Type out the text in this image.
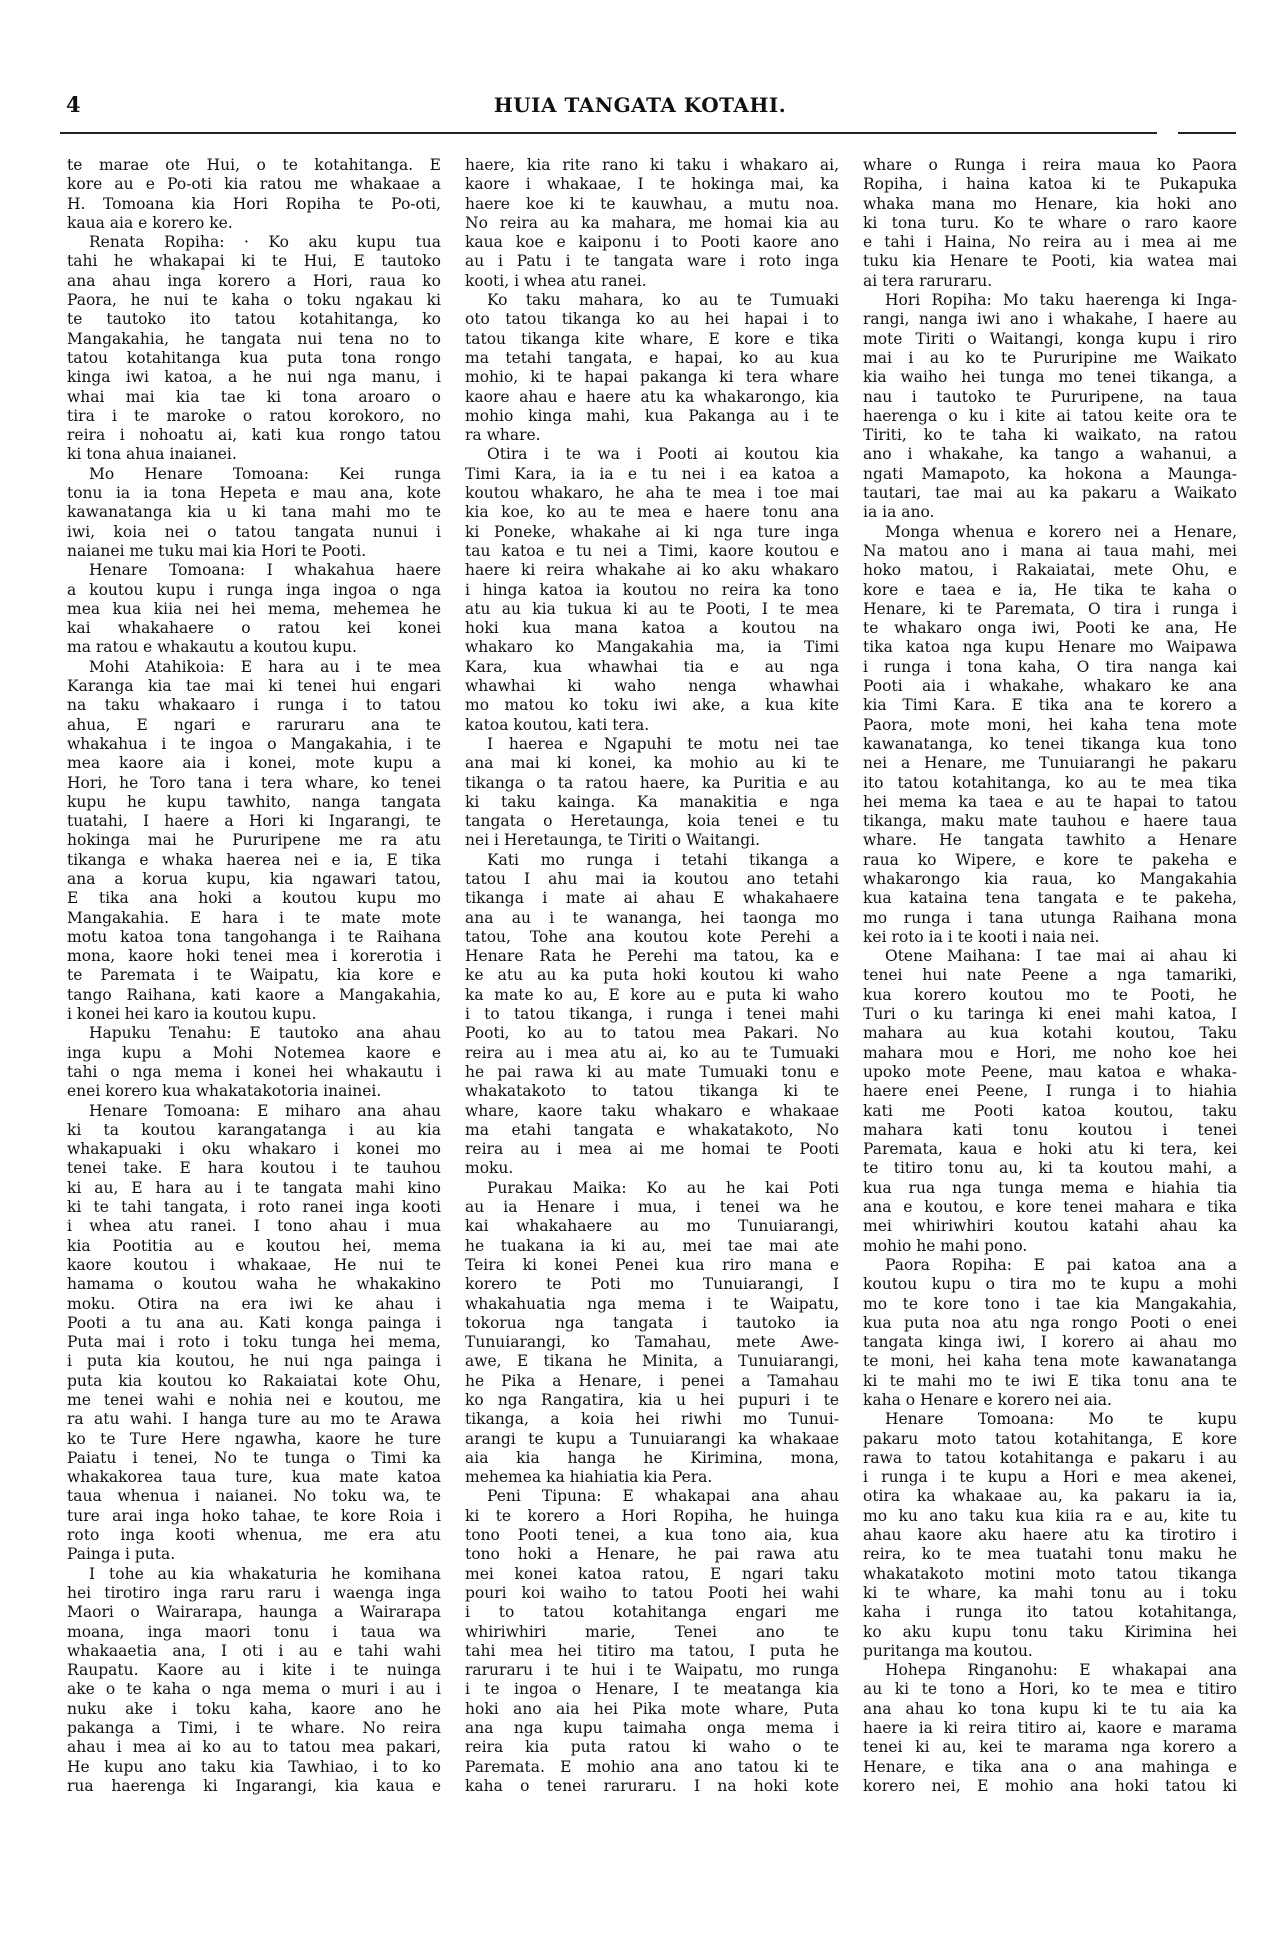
4	HUIA TANGATA KOTAHI.
te marae ote Hui, o te kotahitanga. E
kore au e Po-oti kia ratou me whakaae a
H. Tomoana kia Hori Ropiha te Po-oti,
kaua aia e korero ke.
Renata Ropiha: · Ko aku kupu tua
tahi he whakapai ki te Hui, E tautoko
ana ahau inga korero a Hori, raua ko
Paora, he nui te kaha o toku ngakau ki
te tautoko ito tatou kotahitanga, ko
Mangakahia, he tangata nui tena no to
tatou kotahitanga kua puta tona rongo
kinga iwi katoa, a he nui nga manu, i
whai mai kia tae ki tona aroaro o
tira i te maroke o ratou korokoro, no
reira i nohoatu ai, kati kua rongo tatou
ki tona ahua inaianei.
Mo Henare Tomoana: Kei runga
tonu ia ia tona Hepeta e mau ana, kote
kawanatanga kia u ki tana mahi mo te
iwi, koia nei o tatou tangata nunui i
naianei me tuku mai kia Hori te Pooti.
Henare Tomoana: I whakahua haere
a koutou kupu i runga inga ingoa o nga
mea kua kiia nei hei mema, mehemea he
kai whakahaere o ratou kei konei
ma ratou e whakautu a koutou kupu.
Mohi Atahikoia: E hara au i te mea
Karanga kia tae mai ki tenei hui engari
na taku whakaaro i runga i to tatou
ahua, E ngari e raruraru ana te
whakahua i te ingoa o Mangakahia, i te
mea kaore aia i konei, mote kupu a
Hori, he Toro tana i tera whare, ko tenei
kupu he kupu tawhito, nanga tangata
tuatahi, I haere a Hori ki Ingarangi, te
hokinga mai he Pururipene me ra atu
tikanga e whaka haerea nei e ia, E tika
ana a korua kupu, kia ngawari tatou,
E tika ana hoki a koutou kupu mo
Mangakahia. E hara i te mate mote
motu katoa tona tangohanga i te Raihana
mona, kaore hoki tenei mea i korerotia i
te Paremata i te Waipatu, kia kore e
tango Raihana, kati kaore a Mangakahia,
i konei hei karo ia koutou kupu.
Hapuku Tenahu: E tautoko ana ahau
inga kupu a Mohi Notemea kaore e
tahi o nga mema i konei hei whakautu i
enei korero kua whakatakotoria inainei.
Henare Tomoana: E miharo ana ahau
ki ta koutou karangatanga i au kia
whakapuaki i oku whakaro i konei mo
tenei take. E hara koutou i te tauhou
ki au, E hara au i te tangata mahi kino
ki te tahi tangata, i roto ranei inga kooti
i whea atu ranei. I tono ahau i mua
kia Pootitia au e koutou hei, mema
kaore koutou i whakaae, He nui te
hamama o koutou waha he whakakino
moku. Otira na era iwi ke ahau i
Pooti a tu ana au. Kati konga painga i
Puta mai i roto i toku tunga hei mema,
i puta kia koutou, he nui nga painga i
puta kia koutou ko Rakaiatai kote Ohu,
me tenei wahi e nohia nei e koutou, me
ra atu wahi. I hanga ture au mo te Arawa
ko te Ture Here ngawha, kaore he ture
Paiatu i tenei, No te tunga o Timi ka
whakakorea taua ture, kua mate katoa
taua whenua i naianei. No toku wa, te
ture arai inga hoko tahae, te kore Roia i
roto inga kooti whenua, me era atu
Painga i puta.
I tohe au kia whakaturia he komihana
hei tirotiro inga raru raru i waenga inga
Maori o Wairarapa, haunga a Wairarapa
moana, inga maori tonu i taua wa
whakaaetia ana, I oti i au e tahi wahi
Raupatu. Kaore au i kite i te nuinga
ake o te kaha o nga mema o muri i au i
nuku ake i toku kaha, kaore ano he
pakanga a Timi, i te whare. No reira
ahau i mea ai ko au to tatou mea pakari,
He kupu ano taku kia Tawhiao, i to ko
rua haerenga ki Ingarangi, kia kaua e
haere, kia rite rano ki taku i whakaro ai,
kaore i whakaae, I te hokinga mai, ka
haere koe ki te kauwhau, a mutu noa.
No reira au ka mahara, me homai kia au
kaua koe e kaiponu i to Pooti kaore ano
au i Patu i te tangata ware i roto inga
kooti, i whea atu ranei.
Ko taku mahara, ko au te Tumuaki
oto tatou tikanga ko au hei hapai i to
tatou tikanga kite whare, E kore e tika
ma tetahi tangata, e hapai, ko au kua
mohio, ki te hapai pakanga ki tera whare
kaore ahau e haere atu ka whakarongo, kia
mohio kinga mahi, kua Pakanga au i te
ra whare.
Otira i te wa i Pooti ai koutou kia
Timi Kara, ia ia e tu nei i ea katoa a
koutou whakaro, he aha te mea i toe mai
kia koe, ko au te mea e haere tonu ana
ki Poneke, whakahe ai ki nga ture inga
tau katoa e tu nei a Timi, kaore koutou e
haere ki reira whakahe ai ko aku whakaro
i hinga katoa ia koutou no reira ka tono
atu au kia tukua ki au te Pooti, I te mea
hoki kua mana katoa a koutou na
whakaro ko Mangakahia ma, ia Timi
Kara, kua whawhai tia e au nga
whawhai ki waho nenga whawhai
mo matou ko toku iwi ake, a kua kite
katoa koutou, kati tera.
I haerea e Ngapuhi te motu nei tae
ana mai ki konei, ka mohio au ki te
tikanga o ta ratou haere, ka Puritia e au
ki taku kainga. Ka manakitia e nga
tangata o Heretaunga, koia tenei e tu
nei i Heretaunga, te Tiriti o Waitangi.
Kati mo runga i tetahi tikanga a
tatou I ahu mai ia koutou ano tetahi
tikanga i mate ai ahau E whakahaere
ana au i te wananga, hei taonga mo
tatou, Tohe ana koutou kote Perehi a
Henare Rata he Perehi ma tatou, ka e
ke atu au ka puta hoki koutou ki waho
ka mate ko au, E kore au e puta ki waho
i to tatou tikanga, i runga i tenei mahi
Pooti, ko au to tatou mea Pakari. No
reira au i mea atu ai, ko au te Tumuaki
he pai rawa ki au mate Tumuaki tonu e
whakatakoto to tatou tikanga ki te
whare, kaore taku whakaro e whakaae
ma etahi tangata e whakatakoto, No
reira au i mea ai me homai te Pooti
moku.
Purakau Maika: Ko au he kai Poti
au ia Henare i mua, i tenei wa he
kai whakahaere au mo Tunuiarangi,
he tuakana ia ki au, mei tae mai ate
Teira ki konei Penei kua riro mana e
korero te Poti mo Tunuiarangi, I
whakahuatia nga mema i te Waipatu,
tokorua nga tangata i tautoko ia
Tunuiarangi, ko Tamahau, mete Awe-
awe, E tikana he Minita, a Tunuiarangi,
he Pika a Henare, i penei a Tamahau
ko nga Rangatira, kia u hei pupuri i te
tikanga, a koia hei riwhi mo Tunui-
arangi te kupu a Tunuiarangi ka whakaae
aia kia hanga he Kirimina, mona,
mehemea ka hiahiatia kia Pera.
Peni Tipuna: E whakapai ana ahau
ki te korero a Hori Ropiha, he huinga
tono Pooti tenei, a kua tono aia, kua
tono hoki a Henare, he pai rawa atu
mei konei katoa ratou, E ngari taku
pouri koi waiho to tatou Pooti hei wahi
i to tatou kotahitanga engari me
whiriwhiri marie, Tenei ano te
tahi mea hei titiro ma tatou, I puta he
raruraru i te hui i te Waipatu, mo runga
i te ingoa o Henare, I te meatanga kia
hoki ano aia hei Pika mote whare, Puta
ana nga kupu taimaha onga mema i
reira kia puta ratou ki waho o te
Paremata. E mohio ana ano tatou ki te
kaha o tenei raruraru. I na hoki kote
whare o Runga i reira maua ko Paora
Ropiha, i haina katoa ki te Pukapuka
whaka mana mo Henare, kia hoki ano
ki tona turu. Ko te whare o raro kaore
e tahi i Haina, No reira au i mea ai me
tuku kia Henare te Pooti, kia watea mai
ai tera raruraru.
Hori Ropiha: Mo taku haerenga ki Inga-
rangi, nanga iwi ano i whakahe, I haere au
mote Tiriti o Waitangi, konga kupu i riro
mai i au ko te Pururipine me Waikato
kia waiho hei tunga mo tenei tikanga, a
nau i tautoko te Pururipene, na taua
haerenga o ku i kite ai tatou keite ora te
Tiriti, ko te taha ki waikato, na ratou
ano i whakahe, ka tango a wahanui, a
ngati Mamapoto, ka hokona a Maunga-
tautari, tae mai au ka pakaru a Waikato
ia ia ano.
Monga whenua e korero nei a Henare,
Na matou ano i mana ai taua mahi, mei
hoko matou, i Rakaiatai, mete Ohu, e
kore e taea e ia, He tika te kaha o
Henare, ki te Paremata, O tira i runga i
te whakaro onga iwi, Pooti ke ana, He
tika katoa nga kupu Henare mo Waipawa
i runga i tona kaha, O tira nanga kai
Pooti aia i whakahe, whakaro ke ana
kia Timi Kara. E tika ana te korero a
Paora, mote moni, hei kaha tena mote
kawanatanga, ko tenei tikanga kua tono
nei a Henare, me Tunuiarangi he pakaru
ito tatou kotahitanga, ko au te mea tika
hei mema ka taea e au te hapai to tatou
tikanga, maku mate tauhou e haere taua
whare. He tangata tawhito a Henare
raua ko Wipere, e kore te pakeha e
whakarongo kia raua, ko Mangakahia
kua kataina tena tangata e te pakeha,
mo runga i tana utunga Raihana mona
kei roto ia i te kooti i naia nei.
Otene Maihana: I tae mai ai ahau ki
tenei hui nate Peene a nga tamariki,
kua korero koutou mo te Pooti, he
Turi o ku taringa ki enei mahi katoa, I
mahara au kua kotahi koutou, Taku
mahara mou e Hori, me noho koe hei
upoko mote Peene, mau katoa e whaka-
haere enei Peene, I runga i to hiahia
kati me Pooti katoa koutou, taku
mahara kati tonu koutou i tenei
Paremata, kaua e hoki atu ki tera, kei
te titiro tonu au, ki ta koutou mahi, a
kua rua nga tunga mema e hiahia tia
ana e koutou, e kore tenei mahara e tika
mei whiriwhiri koutou katahi ahau ka
mohio he mahi pono.
Paora Ropiha: E pai katoa ana a
koutou kupu o tira mo te kupu a mohi
mo te kore tono i tae kia Mangakahia,
kua puta noa atu nga rongo Pooti o enei
tangata kinga iwi, I korero ai ahau mo
te moni, hei kaha tena mote kawanatanga
ki te mahi mo te iwi E tika tonu ana te
kaha o Henare e korero nei aia.
Henare Tomoana: Mo te kupu
pakaru moto tatou kotahitanga, E kore
rawa to tatou kotahitanga e pakaru i au
i runga i te kupu a Hori e mea akenei,
otira ka whakaae au, ka pakaru ia ia,
mo ku ano taku kua kiia ra e au, kite tu
ahau kaore aku haere atu ka tirotiro i
reira, ko te mea tuatahi tonu maku he
whakatakoto motini moto tatou tikanga
ki te whare, ka mahi tonu au i toku
kaha i runga ito tatou kotahitanga,
ko aku kupu tonu taku Kirimina hei
puritanga ma koutou.
Hohepa Ringanohu: E whakapai ana
au ki te tono a Hori, ko te mea e titiro
ana ahau ko tona kupu ki te tu aia ka
haere ia ki reira titiro ai, kaore e marama
tenei ki au, kei te marama nga korero a
Henare, e tika ana o ana mahinga e
korero nei, E mohio ana hoki tatou ki
